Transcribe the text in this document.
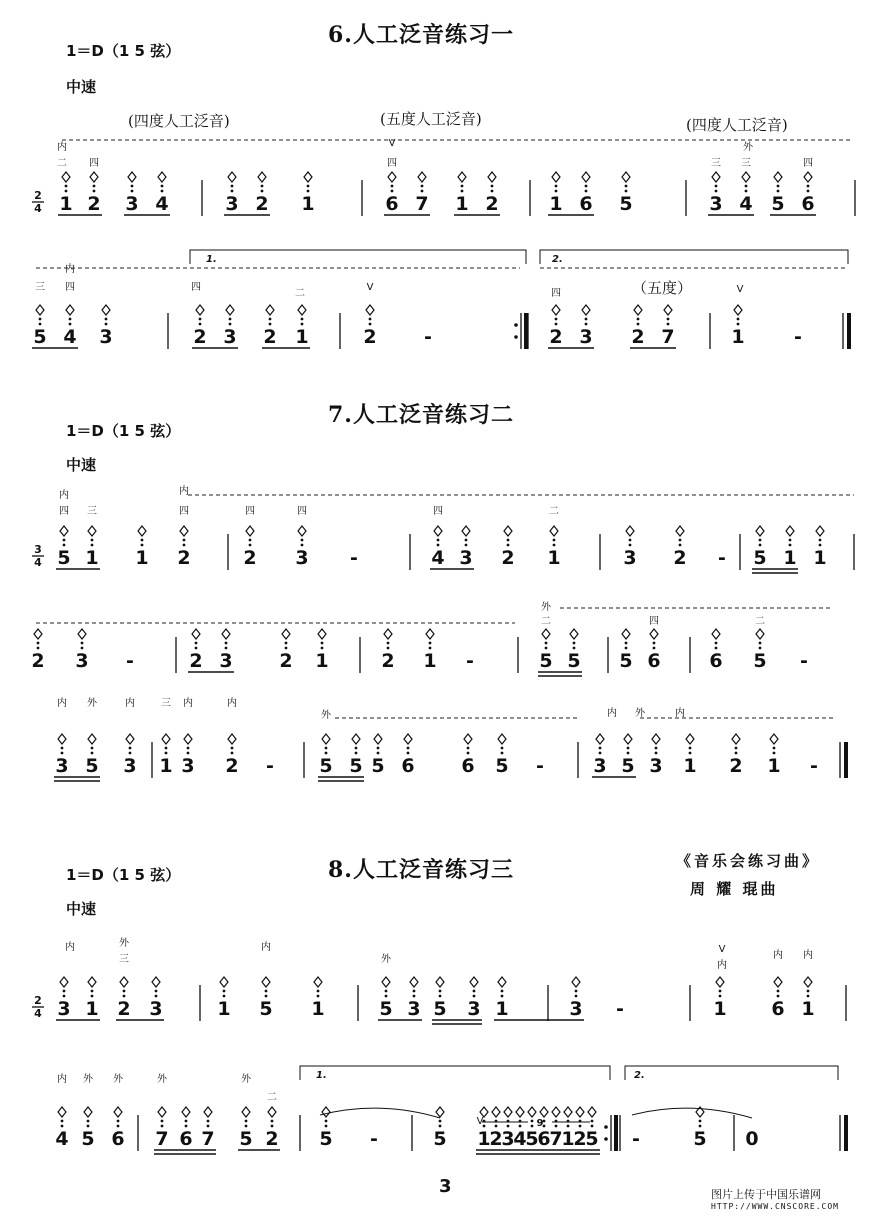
6.人工泛音练习一
1＝D（1 5 弦）
中速
(四度人工泛音)	(五度人工泛音)	(四度人工泛音)
（五度）
7.人工泛音练习二
1＝D（1 5 弦）
中速
8.人工泛音练习三
1＝D（1 5 弦）
中速
《音乐会练习曲》
周 耀 琨曲
3	图片上传于中国乐谱网
HTTP://WWW.CNSCORE.COM
1 2 3 4	3 2 1	6 7 1 2	1 6 5	3 4 5 6
5 4 3	2 3 2 1	2 -	2 3 2 7	1	-
5 1 1 2	2 3 -	4 3 2 1	3 2 - 5 1 1
2 3 -	2 3 2 1	2 1 -	5 5 5 6	6 5 -
3 5 3 1 3 2 - 5 5 5 6 6 5 -	3 5 3 1 2 1 -
3 1 2 3	1 5 1	5 3 5 3 1	3 -	1 6 1
4 5 6 7 6 7 5 2 5 -	5 1
2
3
4
5
6
7
1
2
5 -	5 0
2
4
3
4
2
4
1.	2.
1.	2.
9
内
四
二
V
四
外
三	四
三
内
三 四	四
二
V
四	V
内
四 三
内
四	四	四	四	二
外
二	四	二
内 外	内	三 内	内
外	内 外	内
内	外
三
内
外
V
内
内 内
内 外 外	外	外
二
V
